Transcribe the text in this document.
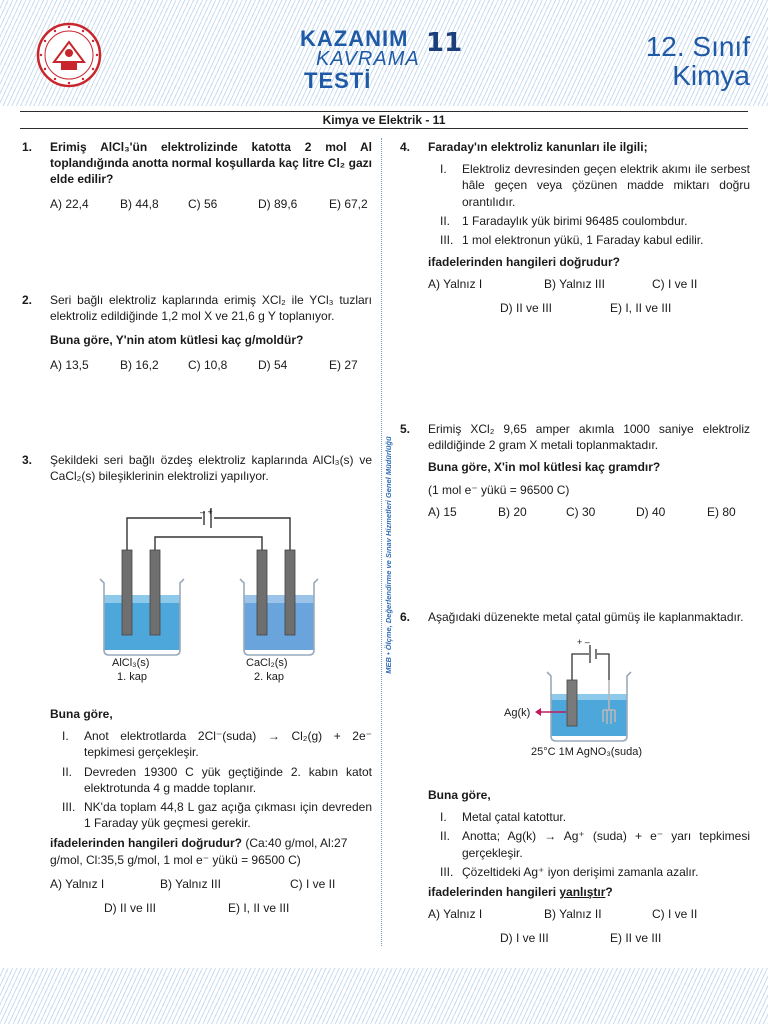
KAZANIM
KAVRAMA
TESTİ
11	12. Sınıf
Kimya
Kimya ve Elektrik - 11
MEB • Ölçme, Değerlendirme ve Sınav Hizmetleri Genel Müdürlüğü
1. Erimiş AlCl₃'ün elektrolizinde katotta 2 mol Al toplandığında anotta normal koşullarda kaç litre Cl₂ gazı elde edilir?

A) 22,4	B) 44,8 C) 56	D) 89,6	E) 67,2
2. Seri bağlı elektroliz kaplarında erimiş XCl₂ ile YCl₃ tuzları elektroliz edildiğinde 1,2 mol X ve 21,6 g Y toplanıyor.

Buna göre, Y'nin atom kütlesi kaç g/moldür?

A) 13,5	B) 16,2 C) 10,8	D) 54	E) 27
3. Şekildeki seri bağlı özdeş elektroliz kaplarında AlCl₃(s) ve CaCl₂(s) bileşiklerinin elektrolizi yapılıyor.

– +
AlCl₃(s)
1. kap
CaCl₂(s)
2. kap

Buna göre,

I. Anot elektrotlarda 2Cl⁻(suda) → Cl₂(g) + 2e⁻ tepkimesi gerçekleşir.
II. Devreden 19300 C yük geçtiğinde 2. kabın katot elektrotunda 4 g madde toplanır.
III. NK'da toplam 44,8 L gaz açığa çıkması için devreden 1 Faraday yük geçmesi gerekir.

ifadelerinden hangileri doğrudur? (Ca:40 g/mol, Al:27 g/mol, Cl:35,5 g/mol, 1 mol e⁻ yükü = 96500 C)

A) Yalnız I	B) Yalnız III	C) I ve II
D) II ve III	E) I, II ve III
4. Faraday'ın elektroliz kanunları ile ilgili;

I. Elektroliz devresinden geçen elektrik akımı ile serbest hâle geçen veya çözünen madde miktarı doğru orantılıdır.
II. 1 Faradaylık yük birimi 96485 coulombdur.
III. 1 mol elektronun yükü, 1 Faraday kabul edilir.

ifadelerinden hangileri doğrudur?

A) Yalnız I	B) Yalnız III	C) I ve II
D) II ve III	E) I, II ve III
5. Erimiş XCl₂ 9,65 amper akımla 1000 saniye elektroliz edildiğinde 2 gram X metali toplanmaktadır.

Buna göre, X'in mol kütlesi kaç gramdır?

(1 mol e⁻ yükü = 96500 C)

A) 15	B) 20	C) 30	D) 40	E) 80
6. Aşağıdaki düzenekte metal çatal gümüş ile kaplanmaktadır.

+ –
Ag(k)
25°C 1M AgNO₃(suda)

Buna göre,

I. Metal çatal katottur.
II. Anotta; Ag(k) → Ag⁺ (suda) + e⁻ yarı tepkimesi gerçekleşir.
III. Çözeltideki Ag⁺ iyon derişimi zamanla azalır.

ifadelerinden hangileri yanlıştır?

A) Yalnız I	B) Yalnız II	C) I ve II
D) I ve III	E) II ve III
